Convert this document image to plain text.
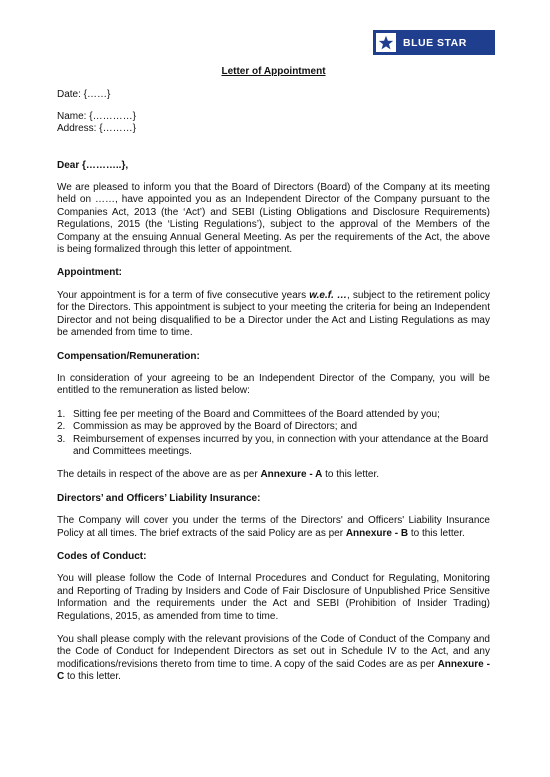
BLUE STAR
Letter of Appointment

Date: {……}

Name: {…………}

Address: {………}

Dear {………..},

We are pleased to inform you that the Board of Directors (Board) of the Company at its meeting held on ……, have appointed you as an Independent Director of the Company pursuant to the Companies Act, 2013 (the ‘Act’) and SEBI (Listing Obligations and Disclosure Requirements) Regulations, 2015 (the ‘Listing Regulations’), subject to the approval of the Members of the Company at the ensuing Annual General Meeting. As per the requirements of the Act, the above is being formalized through this letter of appointment.

Appointment:

Your appointment is for a term of five consecutive years w.e.f. …, subject to the retirement policy for the Directors. This appointment is subject to your meeting the criteria for being an Independent Director and not being disqualified to be a Director under the Act and Listing Regulations as may be amended from time to time.

Compensation/Remuneration:

In consideration of your agreeing to be an Independent Director of the Company, you will be entitled to the remuneration as listed below:

1. Sitting fee per meeting of the Board and Committees of the Board attended by you;
2. Commission as may be approved by the Board of Directors; and
3. Reimbursement of expenses incurred by you, in connection with your attendance at the Board and Committees meetings.

The details in respect of the above are as per Annexure - A to this letter.

Directors’ and Officers’ Liability Insurance:

The Company will cover you under the terms of the Directors' and Officers' Liability Insurance Policy at all times. The brief extracts of the said Policy are as per Annexure - B to this letter.

Codes of Conduct:

You will please follow the Code of Internal Procedures and Conduct for Regulating, Monitoring and Reporting of Trading by Insiders and Code of Fair Disclosure of Unpublished Price Sensitive Information and the requirements under the Act and SEBI (Prohibition of Insider Trading) Regulations, 2015, as amended from time to time.

You shall please comply with the relevant provisions of the Code of Conduct of the Company and the Code of Conduct for Independent Directors as set out in Schedule IV to the Act, and any modifications/revisions thereto from time to time. A copy of the said Codes are as per Annexure - C to this letter.
